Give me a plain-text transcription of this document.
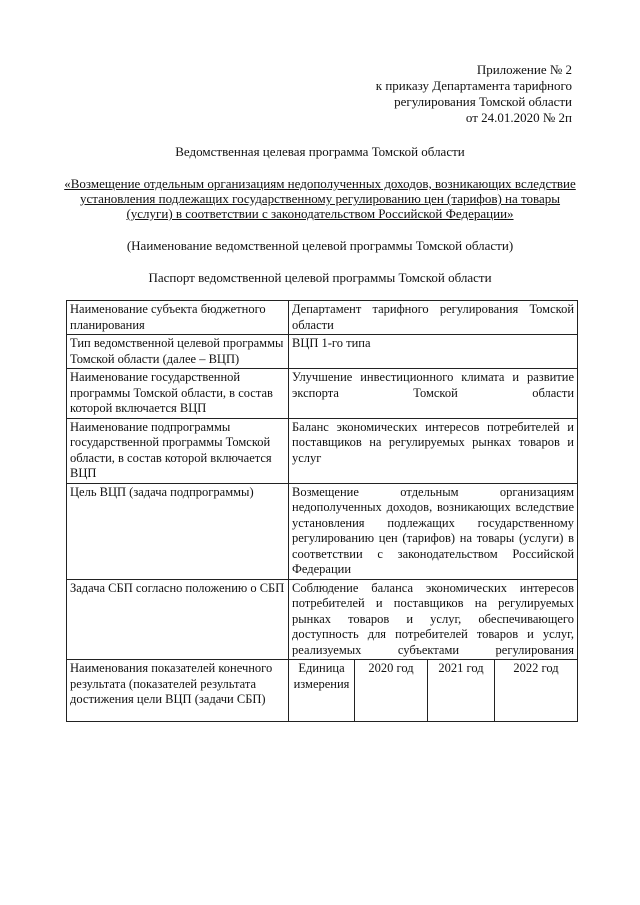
Приложение № 2
к приказу Департамента тарифного
регулирования Томской области
от 24.01.2020 № 2п
Ведомственная целевая программа Томской области
«Возмещение отдельным организациям недополученных доходов, возникающих вследствие установления подлежащих государственному регулированию цен (тарифов) на товары (услуги) в соответствии с законодательством Российской Федерации»
(Наименование ведомственной целевой программы Томской области)
Паспорт ведомственной целевой программы Томской области
Наименование субъекта бюджетного планирования	Департамент тарифного регулирования Томской области			
Тип ведомственной целевой программы Томской области (далее – ВЦП)	ВЦП 1-го типа			
Наименование государственной программы Томской области, в состав которой включается ВЦП	Улучшение инвестиционного климата и развитие экспорта Томской области			
Наименование подпрограммы государственной программы Томской области, в состав которой включается ВЦП	Баланс экономических интересов потребителей и поставщиков на регулируемых рынках товаров и услуг			
Цель ВЦП (задача подпрограммы)	Возмещение отдельным организациям недополученных доходов, возникающих вследствие установления подлежащих государственному регулированию цен (тарифов) на товары (услуги) в соответствии с законодательством Российской Федерации			
Задача СБП согласно положению о СБП	Соблюдение баланса экономических интересов потребителей и поставщиков на регулируемых рынках товаров и услуг, обеспечивающего доступность для потребителей товаров и услуг, реализуемых субъектами регулирования			
Наименования показателей конечного результата (показателей результата достижения цели ВЦП (задачи СБП)	Единица измерения	2020 год	2021 год	2022 год
